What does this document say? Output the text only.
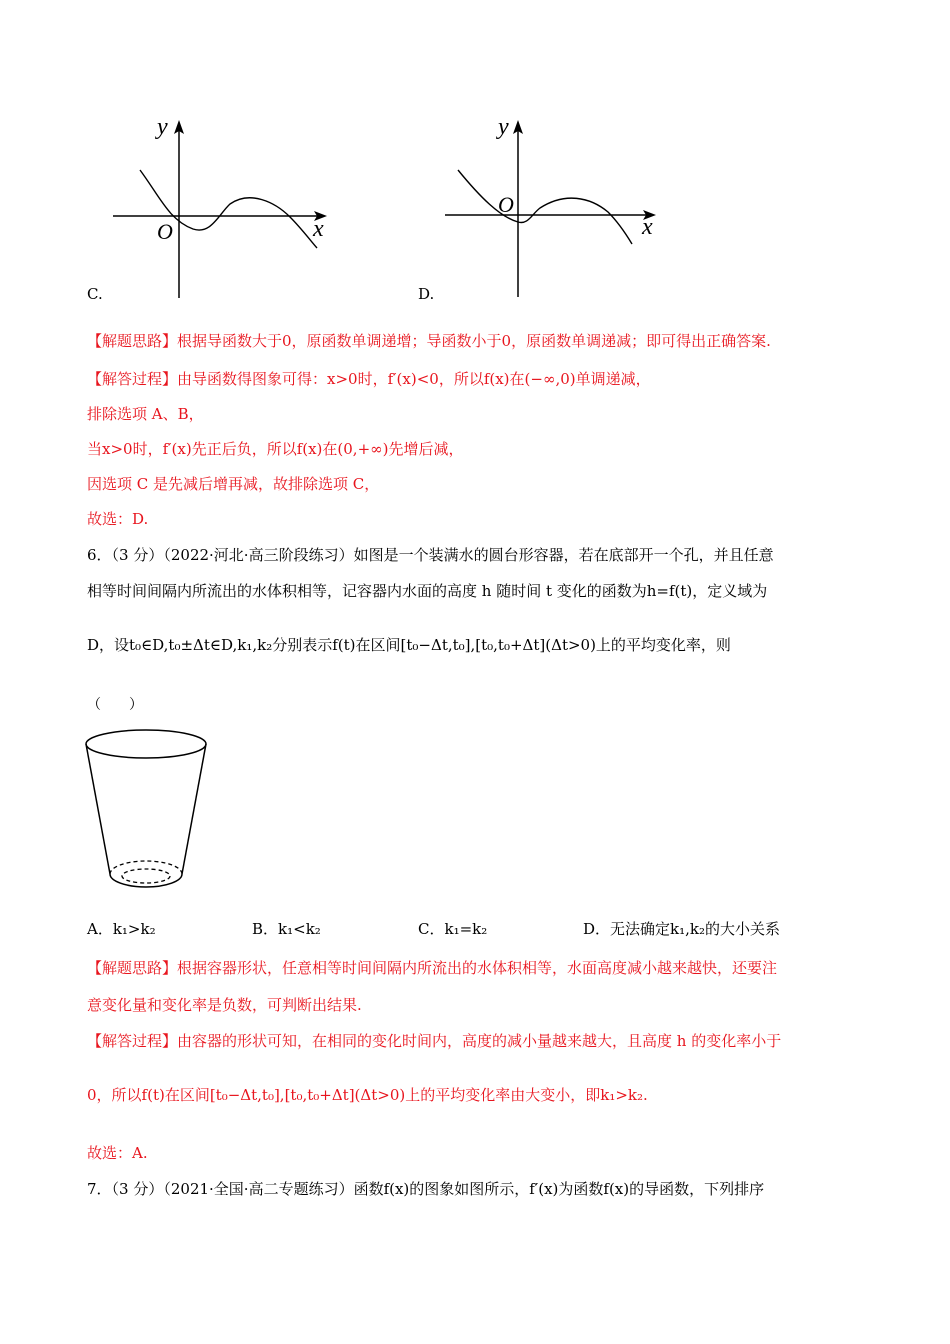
y
x
O
C.
y
x
O
D.
【解题思路】根据导函数大于0，原函数单调递增；导函数小于0，原函数单调递减；即可得出正确答案.
【解答过程】由导函数得图象可得：x>0时，f′(x)<0，所以f(x)在(−∞,0)单调递减，
排除选项 A、B，
当x>0时，f′(x)先正后负，所以f(x)在(0,+∞)先增后减，
因选项 C 是先减后增再减，故排除选项 C，
故选：D.
6．（3 分）（2022·河北·高三阶段练习）如图是一个装满水的圆台形容器，若在底部开一个孔，并且任意
相等时间间隔内所流出的水体积相等，记容器内水面的高度 h 随时间 t 变化的函数为h=f(t)，定义域为
D，设t₀∈D,t₀±Δt∈D,k₁,k₂分别表示f(t)在区间[t₀−Δt,t₀],[t₀,t₀+Δt](Δt>0)上的平均变化率，则
（　　）
A．k₁>k₂	B．k₁<k₂	C．k₁=k₂	D．无法确定k₁,k₂的大小关系
【解题思路】根据容器形状，任意相等时间间隔内所流出的水体积相等，水面高度减小越来越快，还要注
意变化量和变化率是负数，可判断出结果.
【解答过程】由容器的形状可知，在相同的变化时间内，高度的减小量越来越大，且高度 h 的变化率小于
0，所以f(t)在区间[t₀−Δt,t₀],[t₀,t₀+Δt](Δt>0)上的平均变化率由大变小，即k₁>k₂.
故选：A.
7．（3 分）（2021·全国·高二专题练习）函数f(x)的图象如图所示，f′(x)为函数f(x)的导函数，下列排序
